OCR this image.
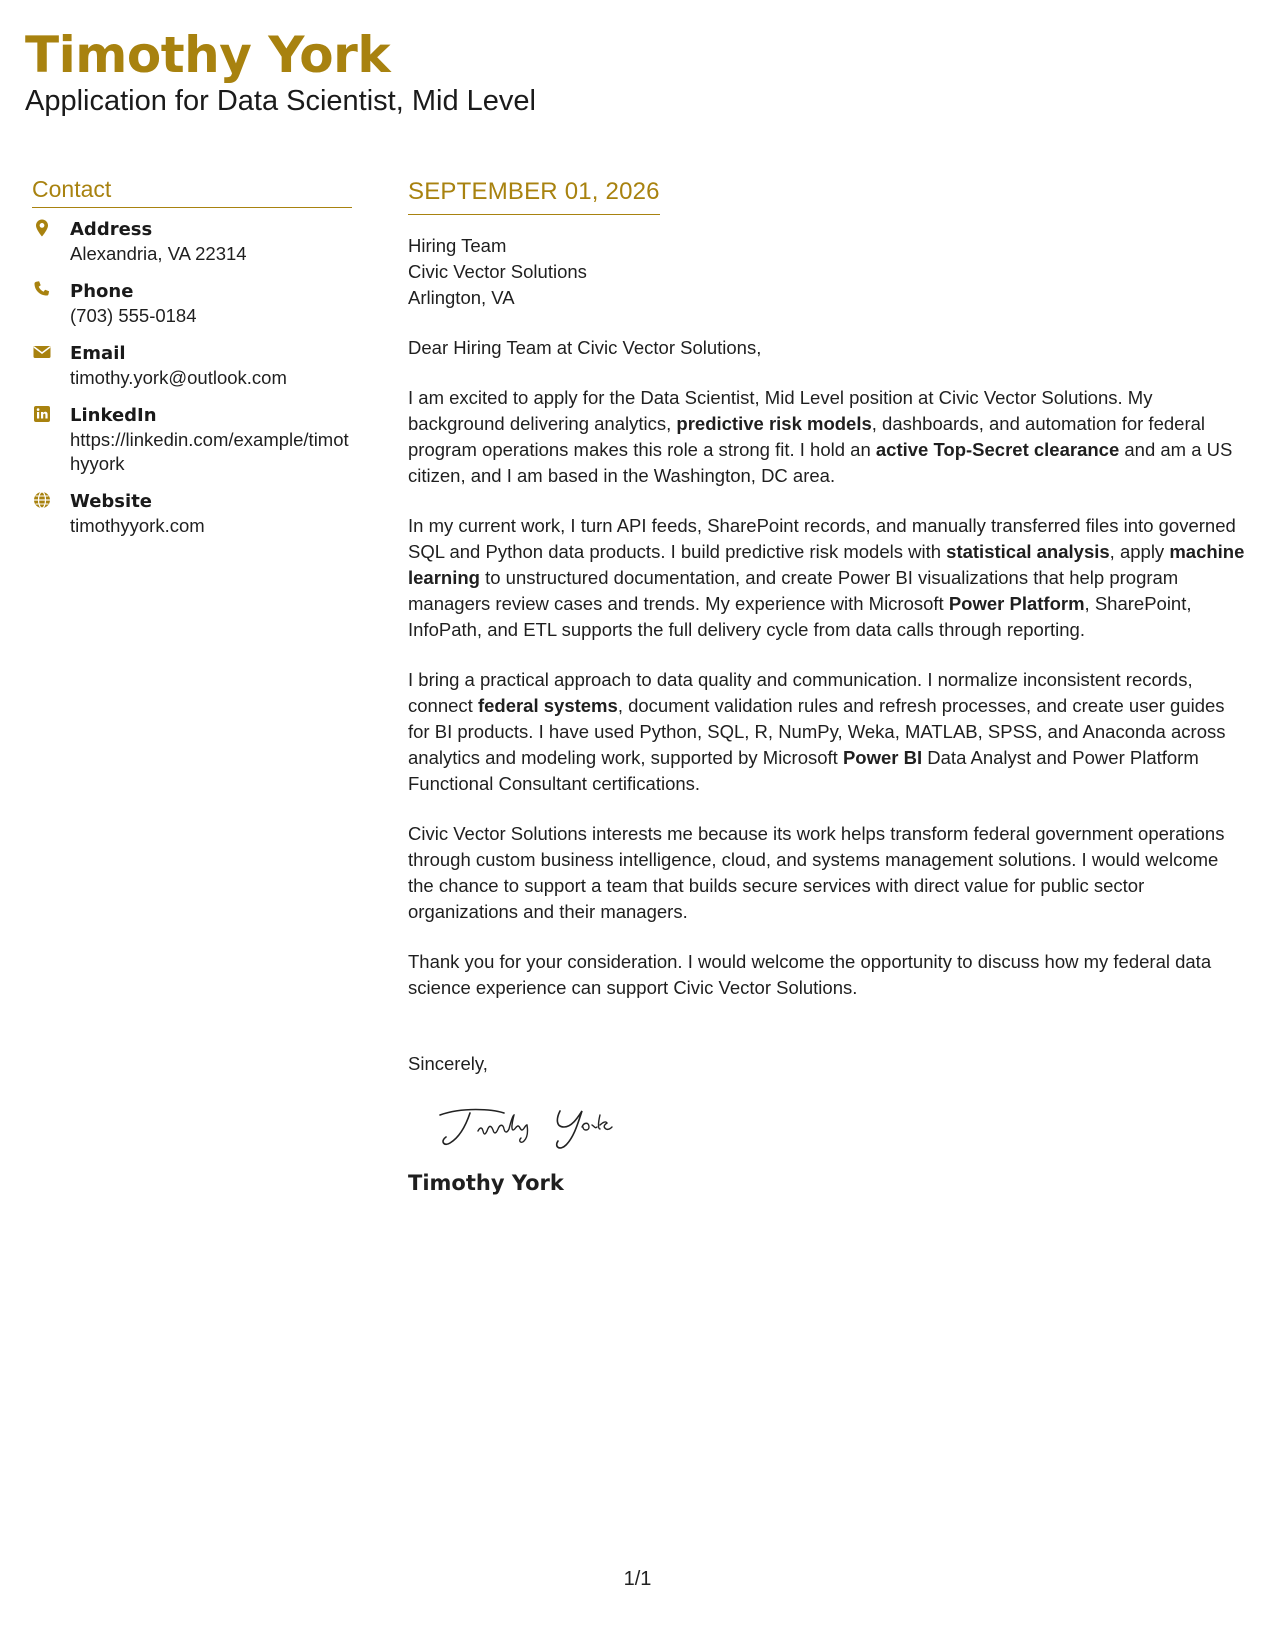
Timothy York
Application for Data Scientist, Mid Level
Contact
Address
Alexandria, VA 22314
Phone
(703) 555-0184
Email
timothy.york@outlook.com
LinkedIn
https://linkedin.com/example/timothyyork
Website
timothyyork.com
SEPTEMBER 01, 2026
Hiring Team
Civic Vector Solutions
Arlington, VA

Dear Hiring Team at Civic Vector Solutions,

I am excited to apply for the Data Scientist, Mid Level position at Civic Vector Solutions. My background delivering analytics, predictive risk models, dashboards, and automation for federal program operations makes this role a strong fit. I hold an active Top-Secret clearance and am a US citizen, and I am based in the Washington, DC area.

In my current work, I turn API feeds, SharePoint records, and manually transferred files into governed SQL and Python data products. I build predictive risk models with statistical analysis, apply machine learning to unstructured documentation, and create Power BI visualizations that help program managers review cases and trends. My experience with Microsoft Power Platform, SharePoint, InfoPath, and ETL supports the full delivery cycle from data calls through reporting.

I bring a practical approach to data quality and communication. I normalize inconsistent records, connect federal systems, document validation rules and refresh processes, and create user guides for BI products. I have used Python, SQL, R, NumPy, Weka, MATLAB, SPSS, and Anaconda across analytics and modeling work, supported by Microsoft Power BI Data Analyst and Power Platform Functional Consultant certifications.

Civic Vector Solutions interests me because its work helps transform federal government operations through custom business intelligence, cloud, and systems management solutions. I would welcome the chance to support a team that builds secure services with direct value for public sector organizations and their managers.

Thank you for your consideration. I would welcome the opportunity to discuss how my federal data science experience can support Civic Vector Solutions.

Sincerely,
Timothy York
1/1
